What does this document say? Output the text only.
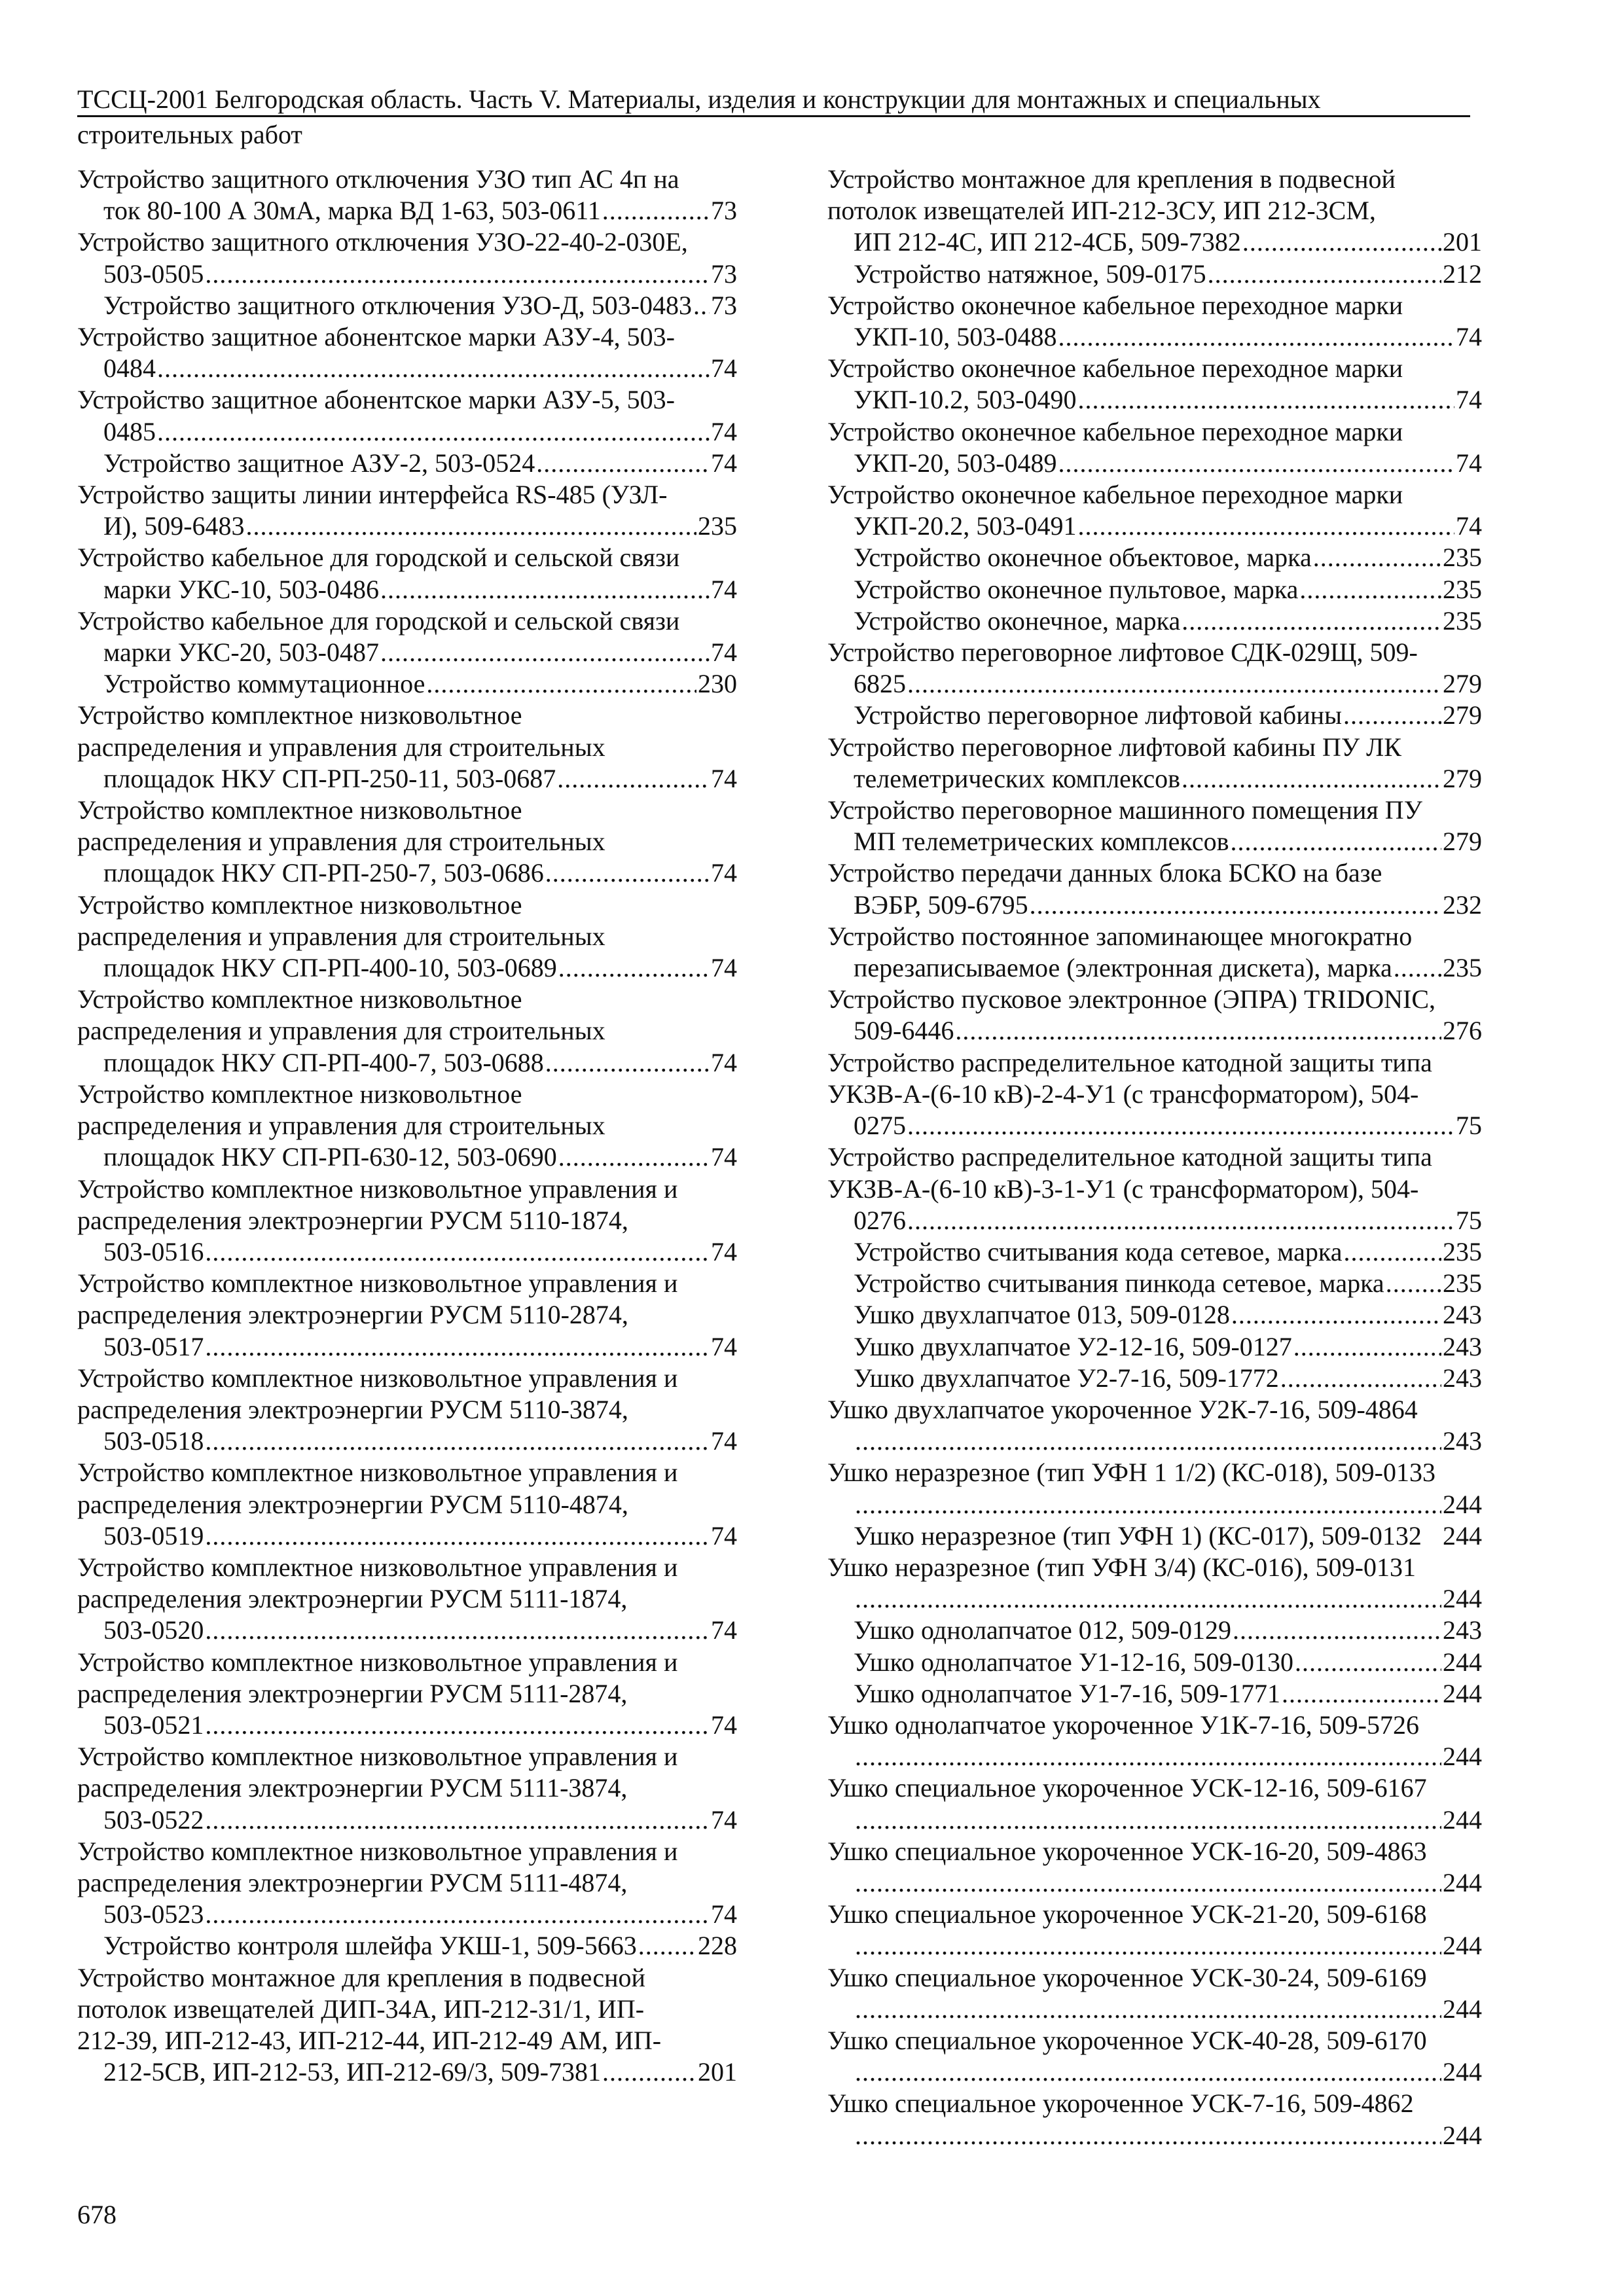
ТССЦ-2001 Белгородская область. Часть V. Материалы, изделия и конструкции для монтажных и специальных
строительных работ
Устройство защитного отключения УЗО тип АС 4п на
ток 80-100 А 30мА, марка ВД 1-63, 503-0611 .....	73
Устройство защитного отключения УЗО-22-40-2-030Е,
503-0505 .....	73
Устройство защитного отключения УЗО-Д, 503-0483 ..... 73
Устройство защитное абонентское марки АЗУ-4, 503-
0484 .....	74
Устройство защитное абонентское марки АЗУ-5, 503-
0485 .....	74
Устройство защитное АЗУ-2, 503-0524 .....	74
Устройство защиты линии интерфейса RS-485 (УЗЛ-
И), 509-6483 .....	235
Устройство кабельное для городской и сельской связи
марки УКС-10, 503-0486 .....	74
Устройство кабельное для городской и сельской связи
марки УКС-20, 503-0487 .....	74
Устройство коммутационное .....	230
Устройство комплектное низковольтное
распределения и управления для строительных
площадок НКУ СП-РП-250-11, 503-0687 .....	74
Устройство комплектное низковольтное
распределения и управления для строительных
площадок НКУ СП-РП-250-7, 503-0686 .....	74
Устройство комплектное низковольтное
распределения и управления для строительных
площадок НКУ СП-РП-400-10, 503-0689 .....	74
Устройство комплектное низковольтное
распределения и управления для строительных
площадок НКУ СП-РП-400-7, 503-0688 .....	74
Устройство комплектное низковольтное
распределения и управления для строительных
площадок НКУ СП-РП-630-12, 503-0690 .....	74
Устройство комплектное низковольтное управления и
распределения электроэнергии РУСМ 5110-1874,
503-0516 .....	74
Устройство комплектное низковольтное управления и
распределения электроэнергии РУСМ 5110-2874,
503-0517 .....	74
Устройство комплектное низковольтное управления и
распределения электроэнергии РУСМ 5110-3874,
503-0518 .....	74
Устройство комплектное низковольтное управления и
распределения электроэнергии РУСМ 5110-4874,
503-0519 .....	74
Устройство комплектное низковольтное управления и
распределения электроэнергии РУСМ 5111-1874,
503-0520 .....	74
Устройство комплектное низковольтное управления и
распределения электроэнергии РУСМ 5111-2874,
503-0521 .....	74
Устройство комплектное низковольтное управления и
распределения электроэнергии РУСМ 5111-3874,
503-0522 .....	74
Устройство комплектное низковольтное управления и
распределения электроэнергии РУСМ 5111-4874,
503-0523 .....	74
Устройство контроля шлейфа УКШ-1, 509-5663 ..... 228
Устройство монтажное для крепления в подвесной
потолок извещателей ДИП-34А, ИП-212-31/1, ИП-
212-39, ИП-212-43, ИП-212-44, ИП-212-49 АМ, ИП-
212-5СВ, ИП-212-53, ИП-212-69/3, 509-7381 .....	201
Устройство монтажное для крепления в подвесной
потолок извещателей ИП-212-3СУ, ИП 212-3СМ,
ИП 212-4С, ИП 212-4СБ, 509-7382 .....	201
Устройство натяжное, 509-0175 .....	212
Устройство оконечное кабельное переходное марки
УКП-10, 503-0488 .....	74
Устройство оконечное кабельное переходное марки
УКП-10.2, 503-0490 .....	74
Устройство оконечное кабельное переходное марки
УКП-20, 503-0489 .....	74
Устройство оконечное кабельное переходное марки
УКП-20.2, 503-0491 .....	74
Устройство оконечное объектовое, марка .....	235
Устройство оконечное пультовое, марка .....	235
Устройство оконечное, марка .....	235
Устройство переговорное лифтовое СДК-029Щ, 509-
6825 .....	279
Устройство переговорное лифтовой кабины .....	279
Устройство переговорное лифтовой кабины ПУ ЛК
телеметрических комплексов .....	279
Устройство переговорное машинного помещения ПУ
МП телеметрических комплексов .....	279
Устройство передачи данных блока БСКО на базе
ВЭБР, 509-6795 .....	232
Устройство постоянное запоминающее многократно
перезаписываемое (электронная дискета), марка ..... 235
Устройство пусковое электронное (ЭПРА) TRIDONIC,
509-6446 .....	276
Устройство распределительное катодной защиты типа
УКЗВ-А-(6-10 кВ)-2-4-У1 (с трансформатором), 504-
0275 .....	75
Устройство распределительное катодной защиты типа
УКЗВ-А-(6-10 кВ)-3-1-У1 (с трансформатором), 504-
0276 .....	75
Устройство считывания кода сетевое, марка .....	235
Устройство считывания пинкода сетевое, марка ..... 235
Ушко двухлапчатое 013, 509-0128 .....	243
Ушко двухлапчатое У2-12-16, 509-0127 .....	243
Ушко двухлапчатое У2-7-16, 509-1772 .....	243
Ушко двухлапчатое укороченное У2К-7-16, 509-4864
.....
243
Ушко неразрезное (тип УФН 1 1/2) (КС-018), 509-0133
.....
244
Ушко неразрезное (тип УФН 1) (КС-017), 509-0132 244
Ушко неразрезное (тип УФН 3/4) (КС-016), 509-0131
.....
244
Ушко однолапчатое 012, 509-0129 .....	243
Ушко однолапчатое У1-12-16, 509-0130 .....	244
Ушко однолапчатое У1-7-16, 509-1771 .....	244
Ушко однолапчатое укороченное У1К-7-16, 509-5726
.....
244
Ушко специальное укороченное УСК-12-16, 509-6167
.....
244
Ушко специальное укороченное УСК-16-20, 509-4863
.....
244
Ушко специальное укороченное УСК-21-20, 509-6168
.....
244
Ушко специальное укороченное УСК-30-24, 509-6169
.....
244
Ушко специальное укороченное УСК-40-28, 509-6170
.....
244
Ушко специальное укороченное УСК-7-16, 509-4862
.....
244
678
